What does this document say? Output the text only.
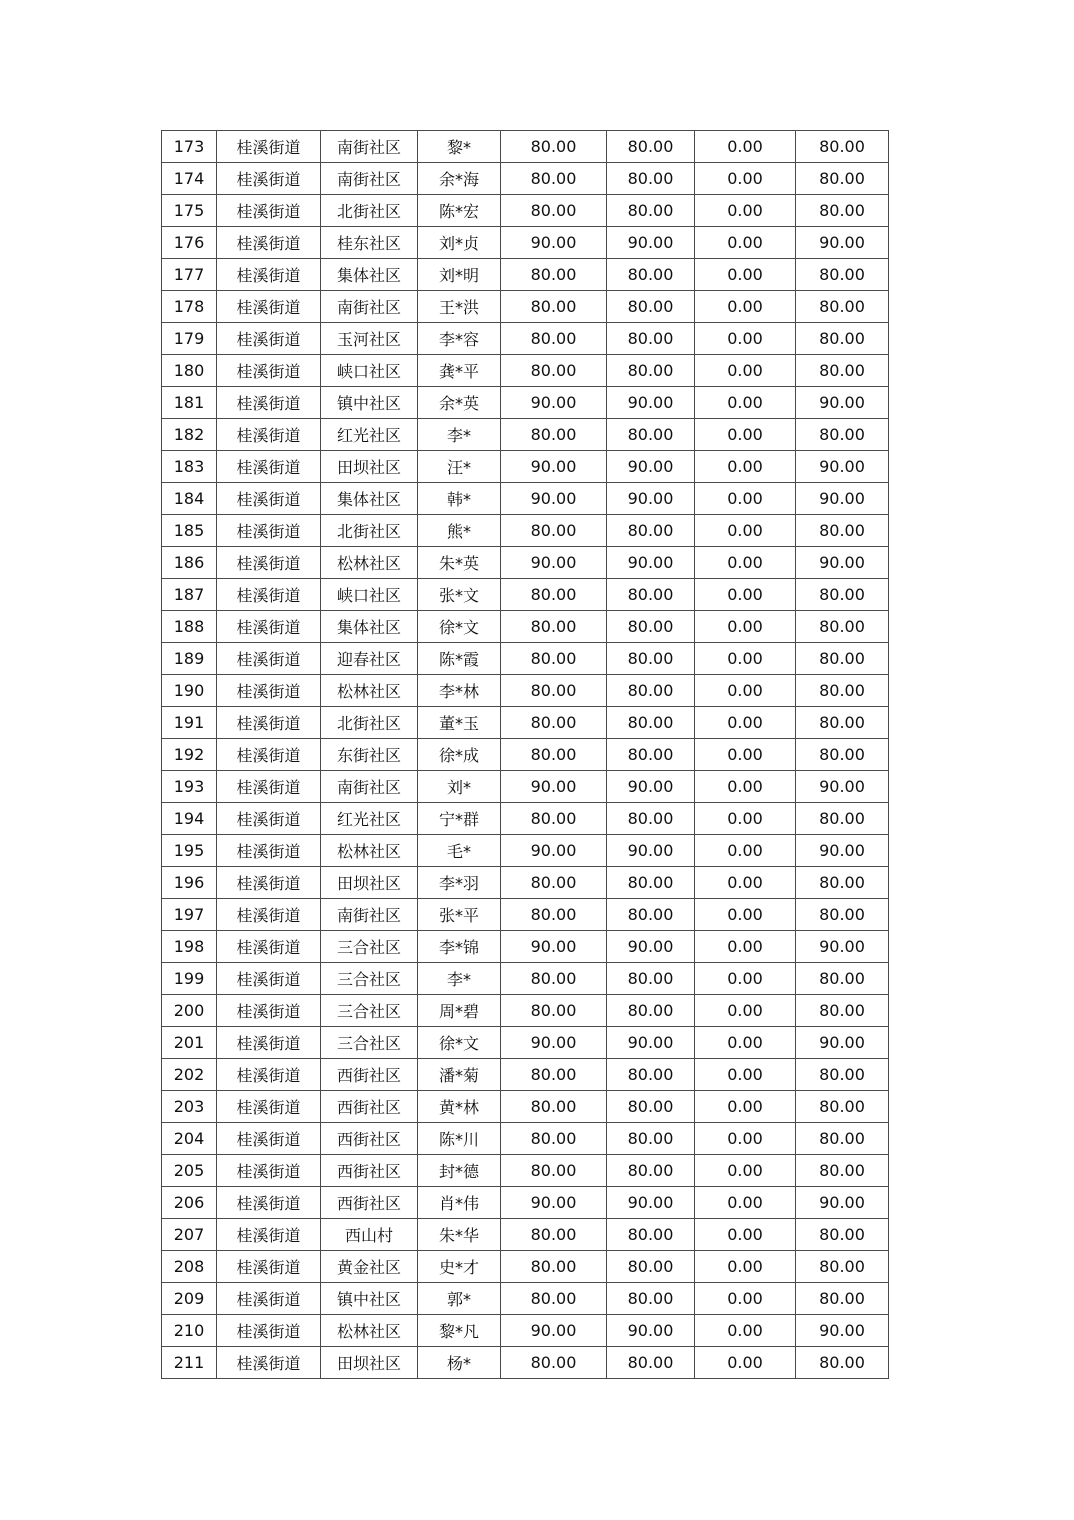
173	桂溪街道	南街社区	黎*	80.00	80.00	0.00	80.00
174	桂溪街道	南街社区	余*海	80.00	80.00	0.00	80.00
175	桂溪街道	北街社区	陈*宏	80.00	80.00	0.00	80.00
176	桂溪街道	桂东社区	刘*贞	90.00	90.00	0.00	90.00
177	桂溪街道	集体社区	刘*明	80.00	80.00	0.00	80.00
178	桂溪街道	南街社区	王*洪	80.00	80.00	0.00	80.00
179	桂溪街道	玉河社区	李*容	80.00	80.00	0.00	80.00
180	桂溪街道	峡口社区	龚*平	80.00	80.00	0.00	80.00
181	桂溪街道	镇中社区	余*英	90.00	90.00	0.00	90.00
182	桂溪街道	红光社区	李*	80.00	80.00	0.00	80.00
183	桂溪街道	田坝社区	汪*	90.00	90.00	0.00	90.00
184	桂溪街道	集体社区	韩*	90.00	90.00	0.00	90.00
185	桂溪街道	北街社区	熊*	80.00	80.00	0.00	80.00
186	桂溪街道	松林社区	朱*英	90.00	90.00	0.00	90.00
187	桂溪街道	峡口社区	张*文	80.00	80.00	0.00	80.00
188	桂溪街道	集体社区	徐*文	80.00	80.00	0.00	80.00
189	桂溪街道	迎春社区	陈*霞	80.00	80.00	0.00	80.00
190	桂溪街道	松林社区	李*林	80.00	80.00	0.00	80.00
191	桂溪街道	北街社区	董*玉	80.00	80.00	0.00	80.00
192	桂溪街道	东街社区	徐*成	80.00	80.00	0.00	80.00
193	桂溪街道	南街社区	刘*	90.00	90.00	0.00	90.00
194	桂溪街道	红光社区	宁*群	80.00	80.00	0.00	80.00
195	桂溪街道	松林社区	毛*	90.00	90.00	0.00	90.00
196	桂溪街道	田坝社区	李*羽	80.00	80.00	0.00	80.00
197	桂溪街道	南街社区	张*平	80.00	80.00	0.00	80.00
198	桂溪街道	三合社区	李*锦	90.00	90.00	0.00	90.00
199	桂溪街道	三合社区	李*	80.00	80.00	0.00	80.00
200	桂溪街道	三合社区	周*碧	80.00	80.00	0.00	80.00
201	桂溪街道	三合社区	徐*文	90.00	90.00	0.00	90.00
202	桂溪街道	西街社区	潘*菊	80.00	80.00	0.00	80.00
203	桂溪街道	西街社区	黄*林	80.00	80.00	0.00	80.00
204	桂溪街道	西街社区	陈*川	80.00	80.00	0.00	80.00
205	桂溪街道	西街社区	封*德	80.00	80.00	0.00	80.00
206	桂溪街道	西街社区	肖*伟	90.00	90.00	0.00	90.00
207	桂溪街道	西山村	朱*华	80.00	80.00	0.00	80.00
208	桂溪街道	黄金社区	史*才	80.00	80.00	0.00	80.00
209	桂溪街道	镇中社区	郭*	80.00	80.00	0.00	80.00
210	桂溪街道	松林社区	黎*凡	90.00	90.00	0.00	90.00
211	桂溪街道	田坝社区	杨*	80.00	80.00	0.00	80.00
